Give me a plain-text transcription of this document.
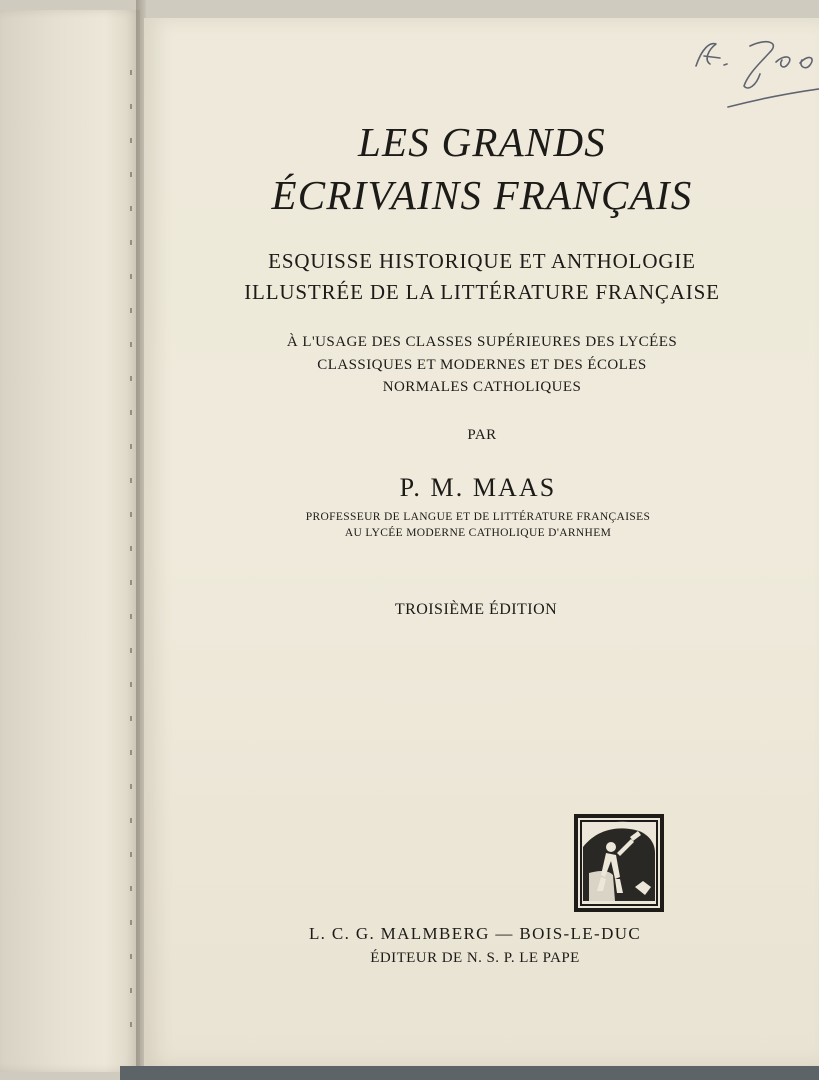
LES GRANDS
ÉCRIVAINS FRANÇAIS
ESQUISSE HISTORIQUE ET ANTHOLOGIE
ILLUSTRÉE DE LA LITTÉRATURE FRANÇAISE
À L'USAGE DES CLASSES SUPÉRIEURES DES LYCÉES
CLASSIQUES ET MODERNES ET DES ÉCOLES
NORMALES CATHOLIQUES
PAR
P. M. MAAS
PROFESSEUR DE LANGUE ET DE LITTÉRATURE FRANÇAISES
AU LYCÉE MODERNE CATHOLIQUE D'ARNHEM
TROISIÈME ÉDITION
L. C. G. MALMBERG — BOIS-LE-DUC
ÉDITEUR DE N. S. P. LE PAPE
